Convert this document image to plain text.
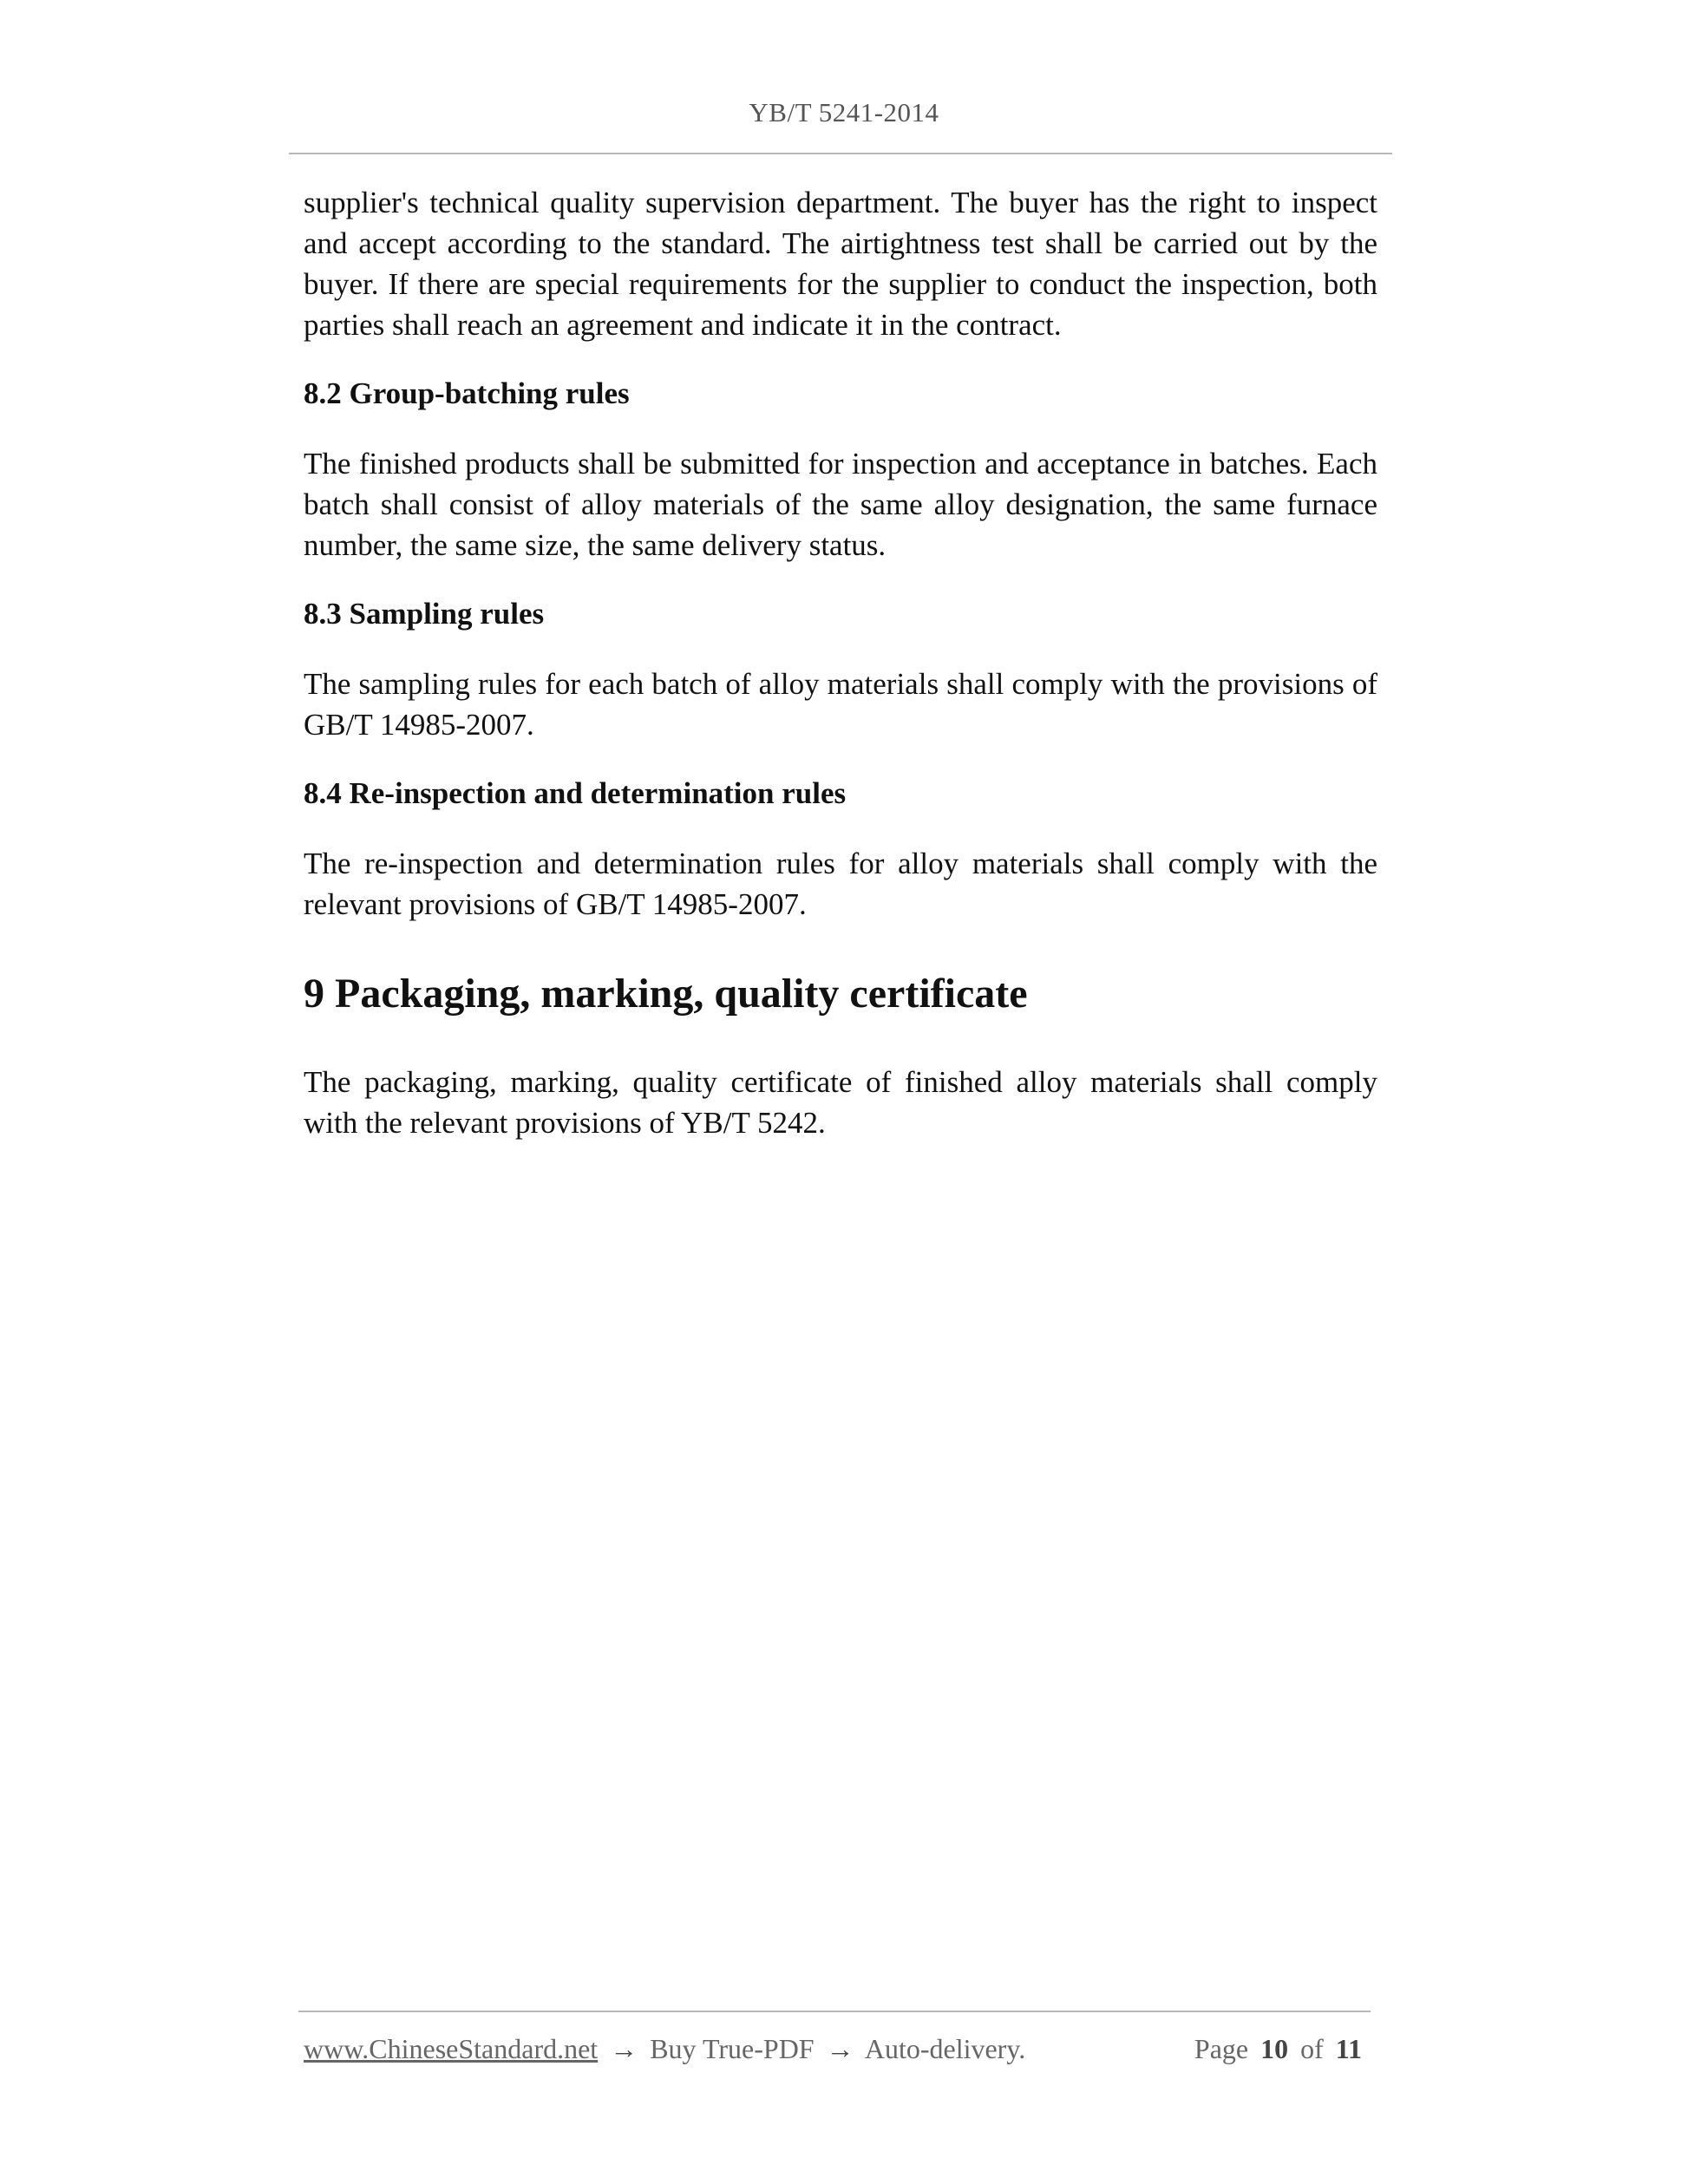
YB/T 5241-2014

supplier's technical quality supervision department. The buyer has the right to inspect and accept according to the standard. The airtightness test shall be carried out by the buyer. If there are special requirements for the supplier to conduct the inspection, both parties shall reach an agreement and indicate it in the contract.

8.2 Group-batching rules

The finished products shall be submitted for inspection and acceptance in batches. Each batch shall consist of alloy materials of the same alloy designation, the same furnace number, the same size, the same delivery status.

8.3 Sampling rules

The sampling rules for each batch of alloy materials shall comply with the provisions of GB/T 14985-2007.

8.4 Re-inspection and determination rules

The re-inspection and determination rules for alloy materials shall comply with the relevant provisions of GB/T 14985-2007.

9 Packaging, marking, quality certificate

The packaging, marking, quality certificate of finished alloy materials shall comply with the relevant provisions of YB/T 5242.

www.ChineseStandard.net → Buy True-PDF → Auto-delivery.	Page 10 of 11
